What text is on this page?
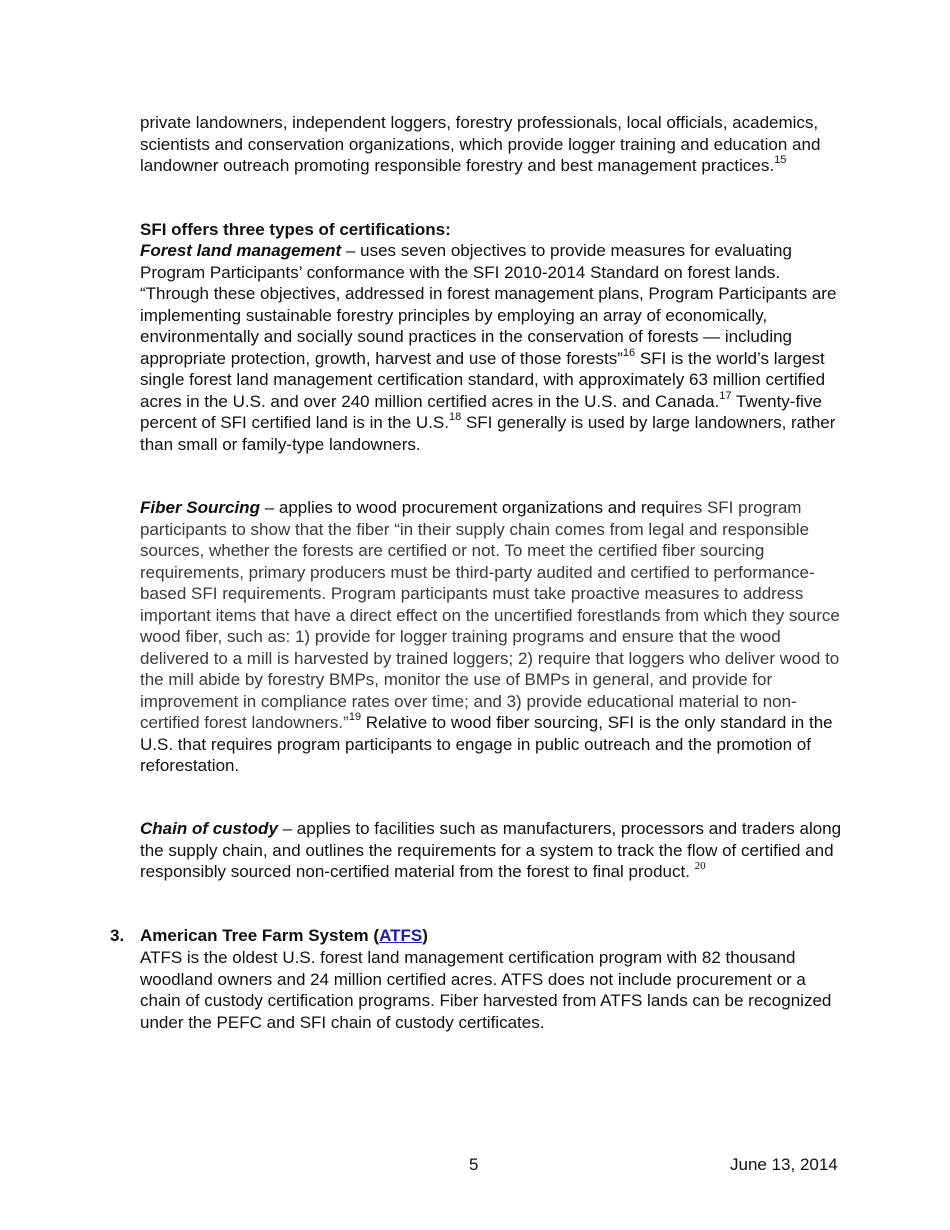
private landowners, independent loggers, forestry professionals, local officials, academics, scientists and conservation organizations, which provide logger training and education and landowner outreach promoting responsible forestry and best management practices.$^{15}$

SFI offers three types of certifications:

Forest land management – uses seven objectives to provide measures for evaluating Program Participants’ conformance with the SFI 2010-2014 Standard on forest lands. “Through these objectives, addressed in forest management plans, Program Participants are implementing sustainable forestry principles by employing an array of economically, environmentally and socially sound practices in the conservation of forests — including appropriate protection, growth, harvest and use of those forests”$^{16}$ SFI is the world’s largest single forest land management certification standard, with approximately 63 million certified acres in the U.S. and over 240 million certified acres in the U.S. and Canada.$^{17}$ Twenty-five percent of SFI certified land is in the U.S.$^{18}$ SFI generally is used by large landowners, rather than small or family-type landowners.

Fiber Sourcing – applies to wood procurement organizations and requires SFI program participants to show that the fiber “in their supply chain comes from legal and responsible sources, whether the forests are certified or not. To meet the certified fiber sourcing requirements, primary producers must be third-party audited and certified to performance-based SFI requirements. Program participants must take proactive measures to address important items that have a direct effect on the uncertified forestlands from which they source wood fiber, such as: 1) provide for logger training programs and ensure that the wood delivered to a mill is harvested by trained loggers; 2) require that loggers who deliver wood to the mill abide by forestry BMPs, monitor the use of BMPs in general, and provide for improvement in compliance rates over time; and 3) provide educational material to non-certified forest landowners.”$^{19}$ Relative to wood fiber sourcing, SFI is the only standard in the U.S. that requires program participants to engage in public outreach and the promotion of reforestation.

Chain of custody – applies to facilities such as manufacturers, processors and traders along the supply chain, and outlines the requirements for a system to track the flow of certified and responsibly sourced non-certified material from the forest to final product. $^{20}$

3. American Tree Farm System (ATFS)

ATFS is the oldest U.S. forest land management certification program with 82 thousand woodland owners and 24 million certified acres. ATFS does not include procurement or a chain of custody certification programs. Fiber harvested from ATFS lands can be recognized under the PEFC and SFI chain of custody certificates.

5	June 13, 2014
